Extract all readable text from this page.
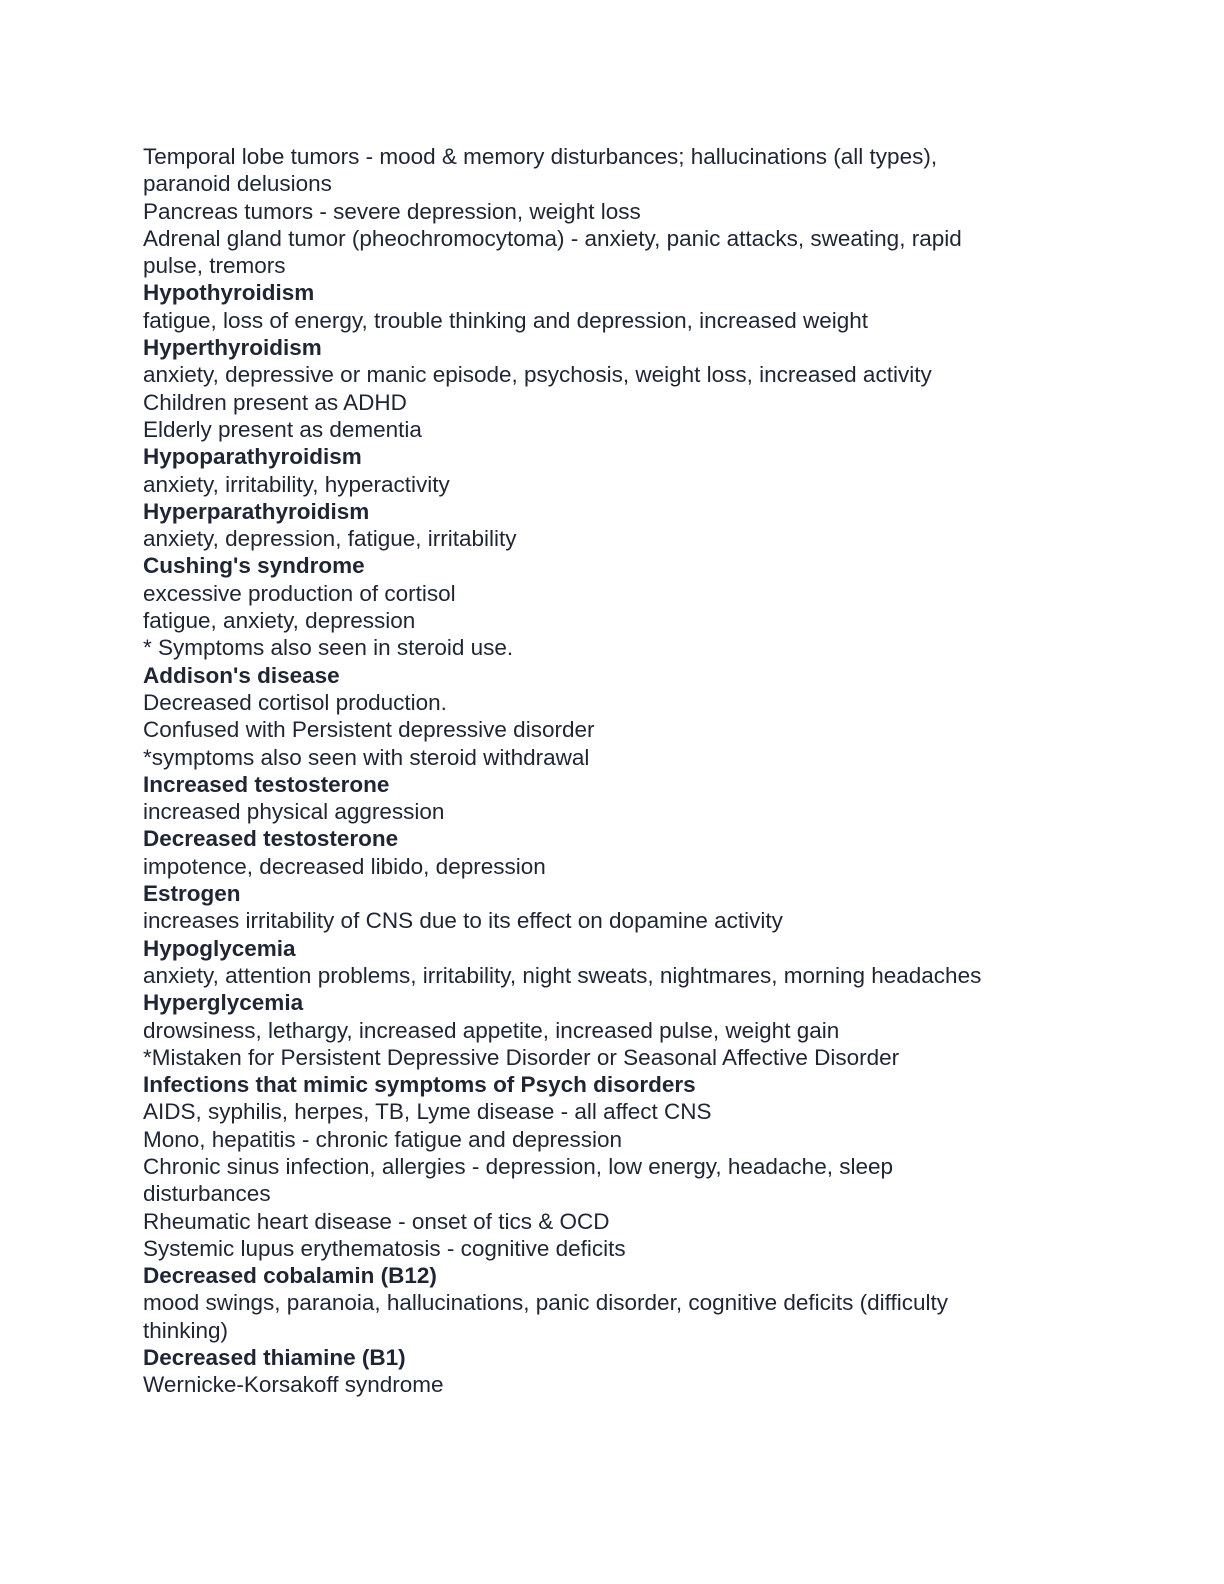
Temporal lobe tumors - mood & memory disturbances; hallucinations (all types),
paranoid delusions
Pancreas tumors - severe depression, weight loss
Adrenal gland tumor (pheochromocytoma) - anxiety, panic attacks, sweating, rapid
pulse, tremors
Hypothyroidism
fatigue, loss of energy, trouble thinking and depression, increased weight
Hyperthyroidism
anxiety, depressive or manic episode, psychosis, weight loss, increased activity
Children present as ADHD
Elderly present as dementia
Hypoparathyroidism
anxiety, irritability, hyperactivity
Hyperparathyroidism
anxiety, depression, fatigue, irritability
Cushing's syndrome
excessive production of cortisol
fatigue, anxiety, depression
* Symptoms also seen in steroid use.
Addison's disease
Decreased cortisol production.
Confused with Persistent depressive disorder
*symptoms also seen with steroid withdrawal
Increased testosterone
increased physical aggression
Decreased testosterone
impotence, decreased libido, depression
Estrogen
increases irritability of CNS due to its effect on dopamine activity
Hypoglycemia
anxiety, attention problems, irritability, night sweats, nightmares, morning headaches
Hyperglycemia
drowsiness, lethargy, increased appetite, increased pulse, weight gain
*Mistaken for Persistent Depressive Disorder or Seasonal Affective Disorder
Infections that mimic symptoms of Psych disorders
AIDS, syphilis, herpes, TB, Lyme disease - all affect CNS
Mono, hepatitis - chronic fatigue and depression
Chronic sinus infection, allergies - depression, low energy, headache, sleep
disturbances
Rheumatic heart disease - onset of tics & OCD
Systemic lupus erythematosis - cognitive deficits
Decreased cobalamin (B12)
mood swings, paranoia, hallucinations, panic disorder, cognitive deficits (difficulty
thinking)
Decreased thiamine (B1)
Wernicke-Korsakoff syndrome
